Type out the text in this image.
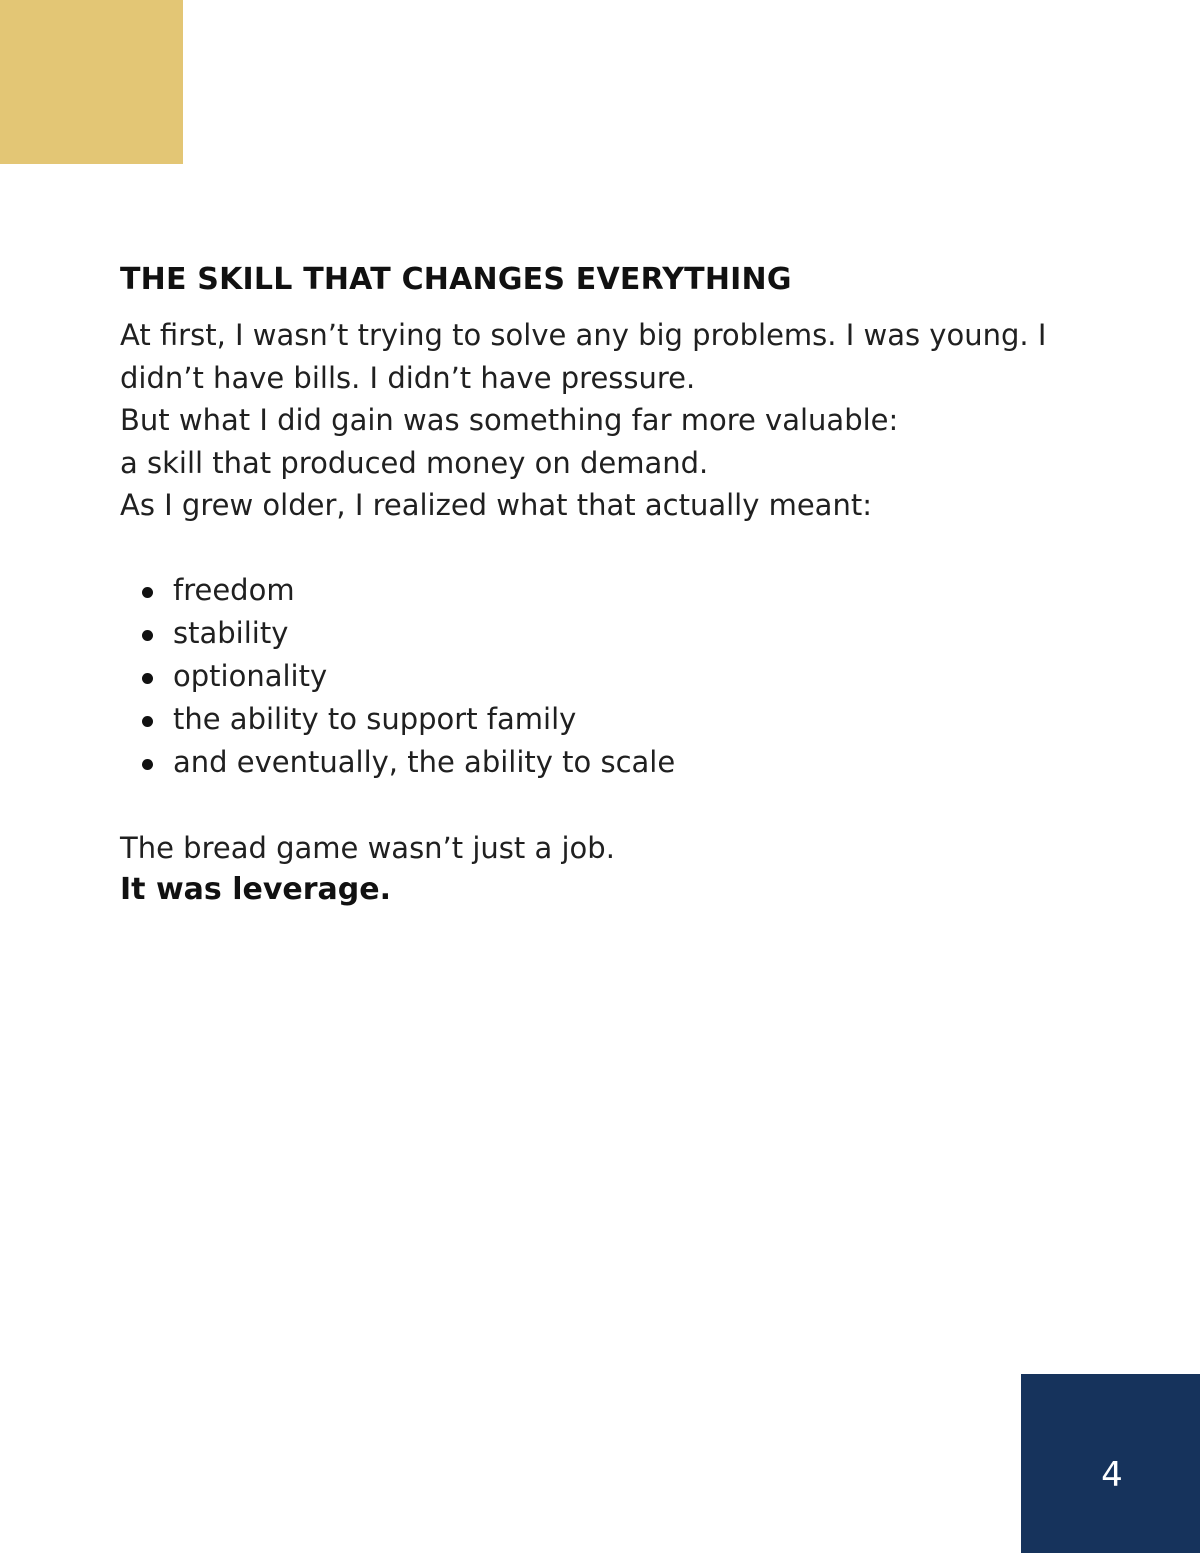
THE SKILL THAT CHANGES EVERYTHING
At first, I wasn’t trying to solve any big problems. I was young. I
didn’t have bills. I didn’t have pressure.
But what I did gain was something far more valuable:
a skill that produced money on demand.
As I grew older, I realized what that actually meant:
freedom
stability
optionality
the ability to support family
and eventually, the ability to scale
The bread game wasn’t just a job.
It was leverage.
4
